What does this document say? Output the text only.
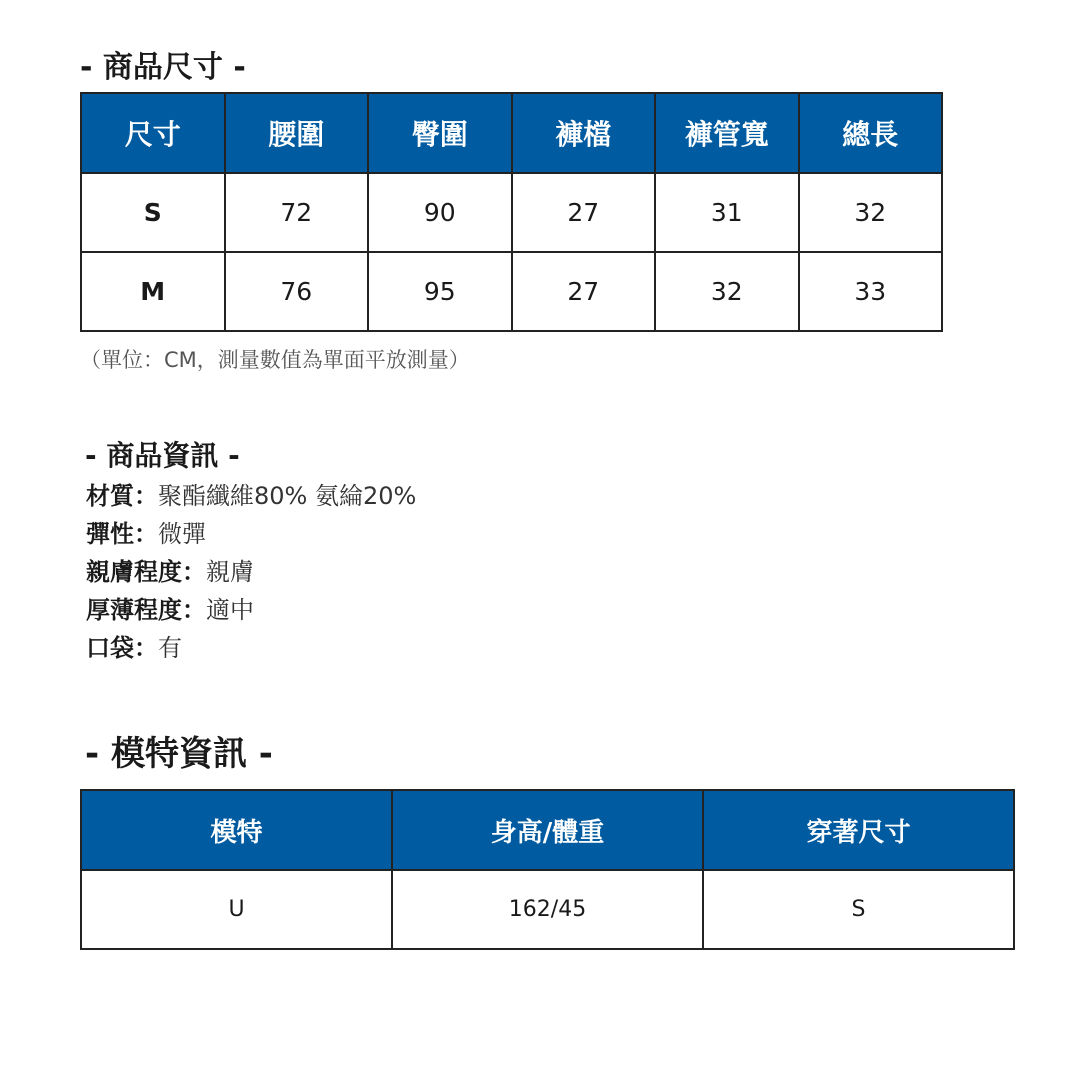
- 商品尺寸 -
尺寸	腰圍	臀圍	褲檔	褲管寬	總長
S	72	90	27	31	32
M	76	95	27	32	33
（單位：CM，測量數值為單面平放測量）
- 商品資訊 -
材質：聚酯纖維80% 氨綸20%
彈性：微彈
親膚程度：親膚
厚薄程度：適中
口袋：有
- 模特資訊 -
模特	身高/體重	穿著尺寸
U	162/45	S
